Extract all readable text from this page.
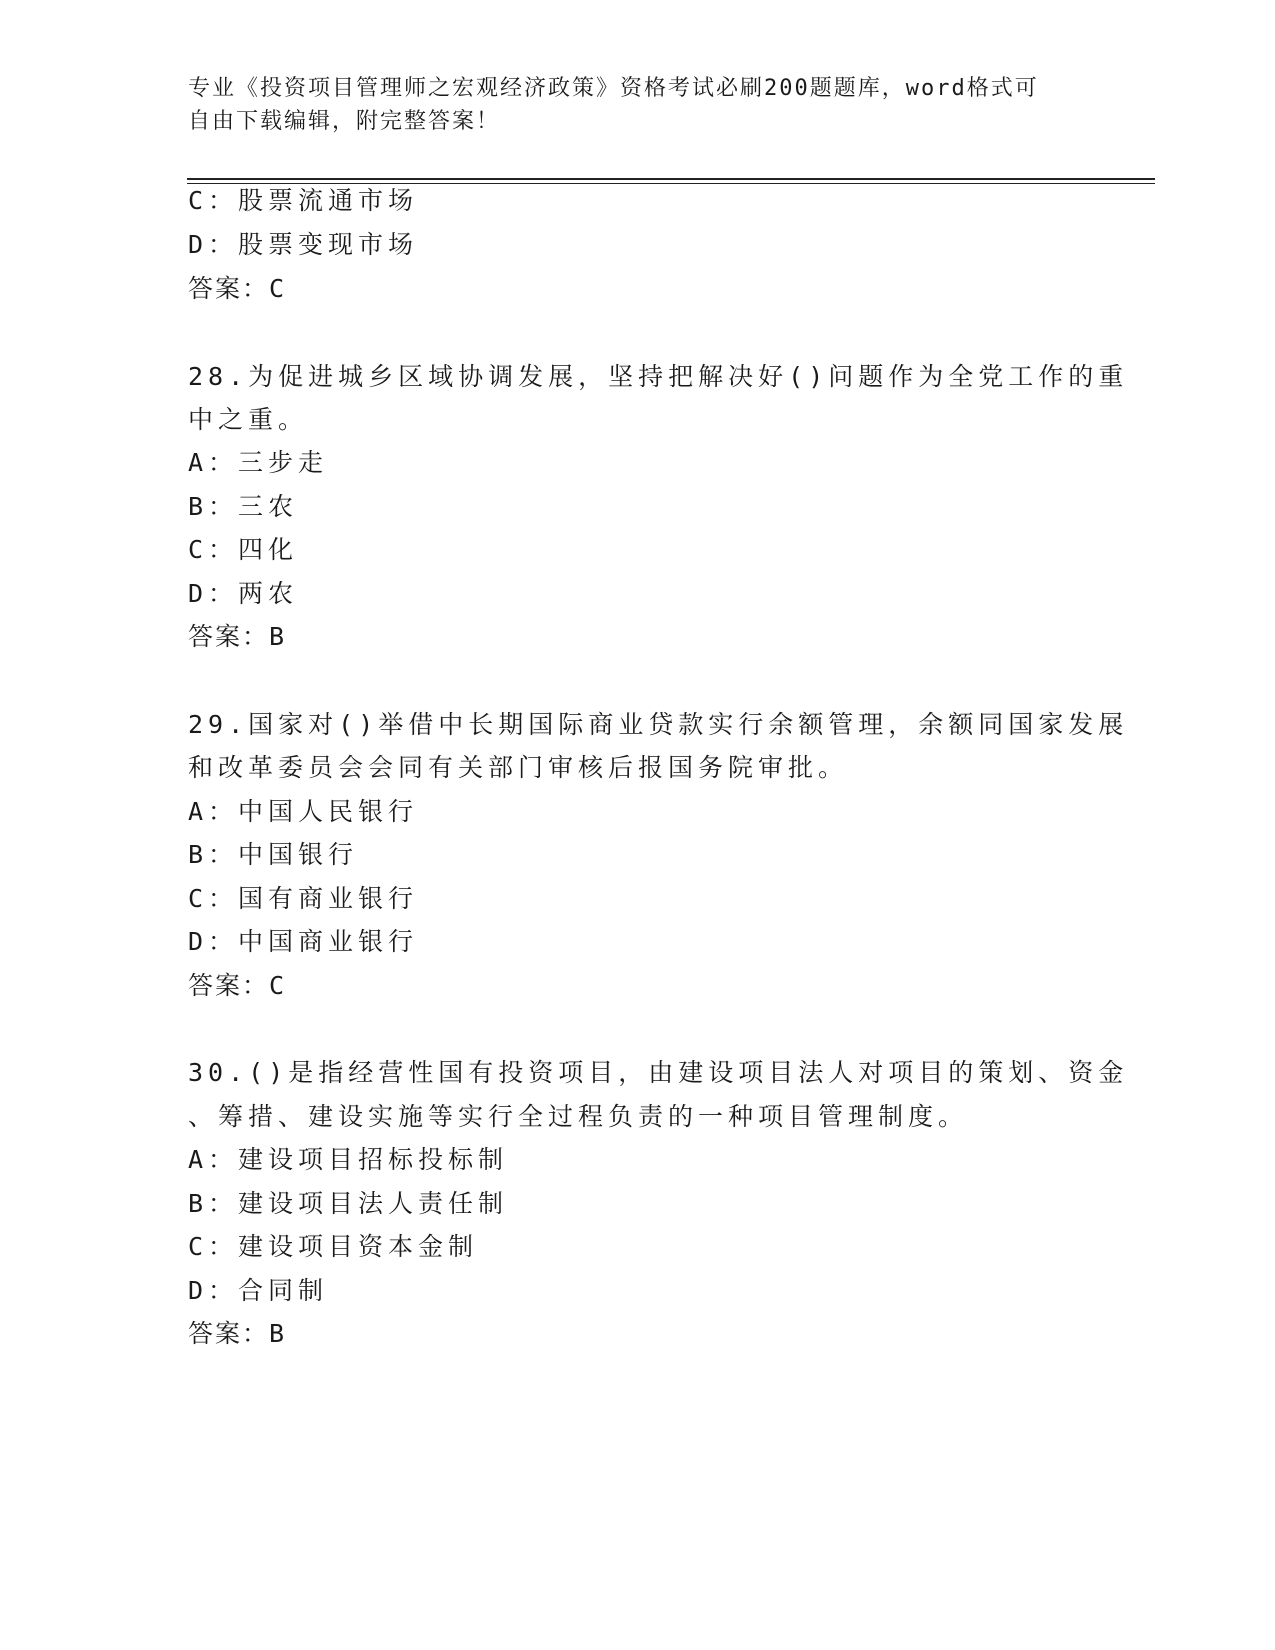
专业《投资项目管理师之宏观经济政策》资格考试必刷200题题库，word格式可
自由下载编辑，附完整答案！
C：股票流通市场
D：股票变现市场
答案：C
28.为促进城乡区域协调发展，坚持把解决好()问题作为全党工作的重
中之重。
A：三步走
B：三农
C：四化
D：两农
答案：B
29.国家对()举借中长期国际商业贷款实行余额管理，余额同国家发展
和改革委员会会同有关部门审核后报国务院审批。
A：中国人民银行
B：中国银行
C：国有商业银行
D：中国商业银行
答案：C
30.()是指经营性国有投资项目，由建设项目法人对项目的策划、资金
、筹措、建设实施等实行全过程负责的一种项目管理制度。
A：建设项目招标投标制
B：建设项目法人责任制
C：建设项目资本金制
D：合同制
答案：B
